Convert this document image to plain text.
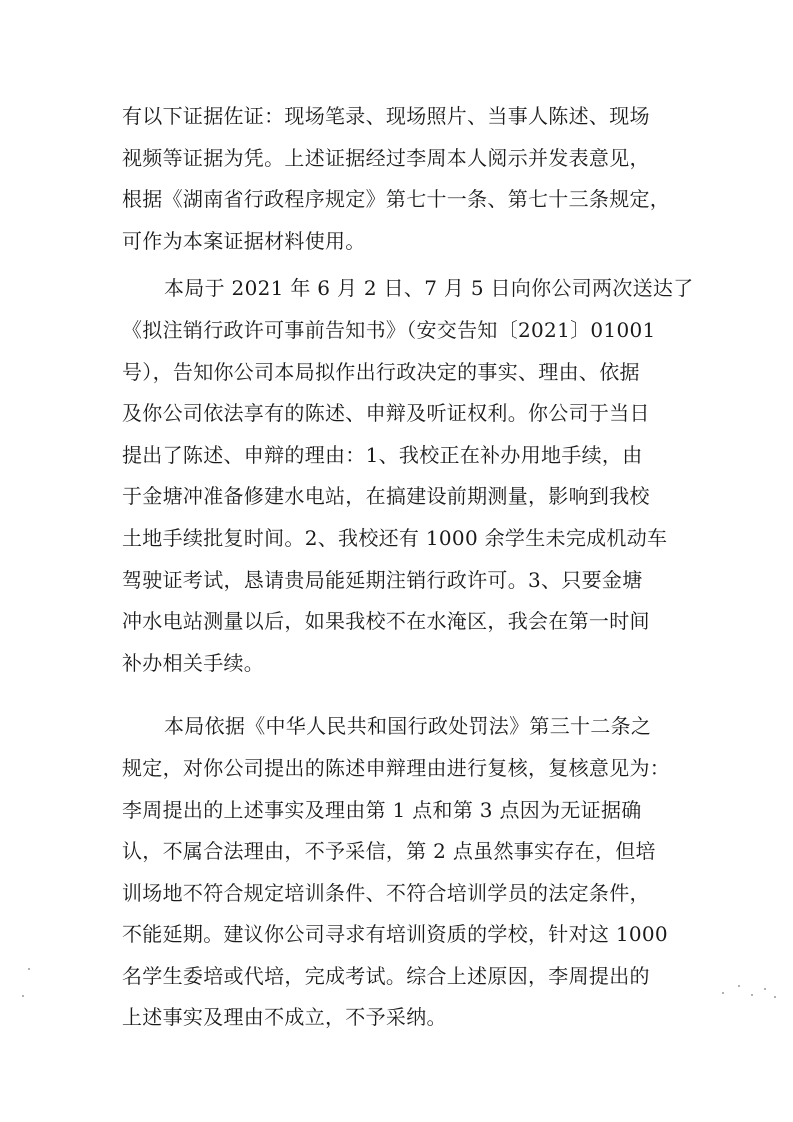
有以下证据佐证：现场笔录、现场照片、当事人陈述、现场
视频等证据为凭。上述证据经过李周本人阅示并发表意见，
根据《湖南省行政程序规定》第七十一条、第七十三条规定，
可作为本案证据材料使用。
本局于 2021 年 6 月 2 日、7 月 5 日向你公司两次送达了
《拟注销行政许可事前告知书》（安交告知〔2021〕01001
号），告知你公司本局拟作出行政决定的事实、理由、依据
及你公司依法享有的陈述、申辩及听证权利。你公司于当日
提出了陈述、申辩的理由：1、我校正在补办用地手续，由
于金塘冲准备修建水电站，在搞建设前期测量，影响到我校
土地手续批复时间。2、我校还有 1000 余学生未完成机动车
驾驶证考试，恳请贵局能延期注销行政许可。3、只要金塘
冲水电站测量以后，如果我校不在水淹区，我会在第一时间
补办相关手续。
本局依据《中华人民共和国行政处罚法》第三十二条之
规定，对你公司提出的陈述申辩理由进行复核，复核意见为：
李周提出的上述事实及理由第 1 点和第 3 点因为无证据确
认，不属合法理由，不予采信，第 2 点虽然事实存在，但培
训场地不符合规定培训条件、不符合培训学员的法定条件，
不能延期。建议你公司寻求有培训资质的学校，针对这 1000
名学生委培或代培，完成考试。综合上述原因，李周提出的
上述事实及理由不成立，不予采纳。
